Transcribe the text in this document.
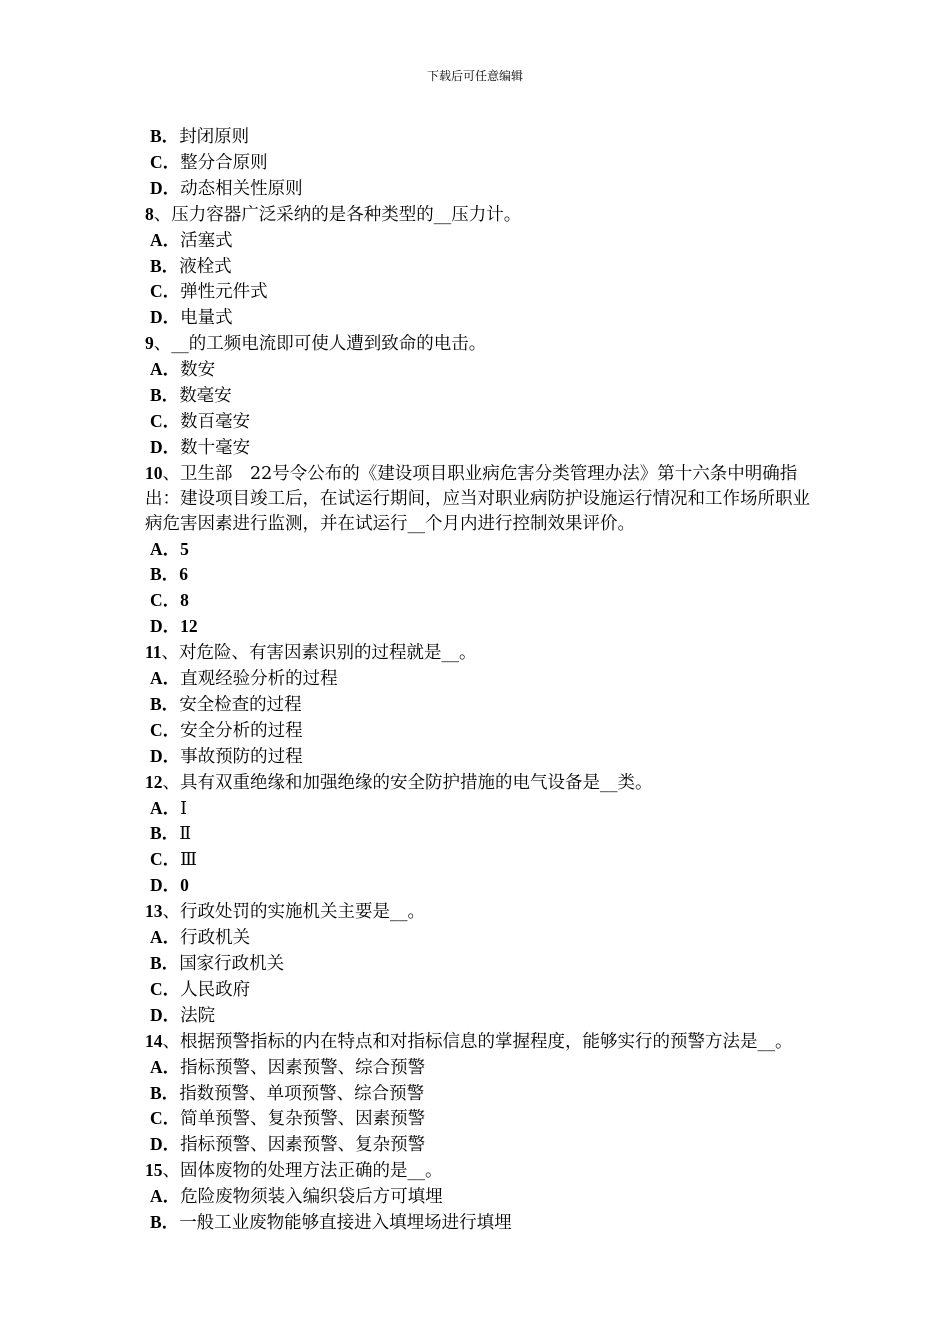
下载后可任意编辑
B．封闭原则
C．整分合原则
D．动态相关性原则
8、压力容器广泛采纳的是各种类型的__压力计。
A．活塞式
B．液栓式
C．弹性元件式
D．电量式
9、__的工频电流即可使人遭到致命的电击。
A．数安
B．数毫安
C．数百毫安
D．数十毫安
10、卫生部　22号令公布的《建设项目职业病危害分类管理办法》第十六条中明确指出：建设项目竣工后，在试运行期间，应当对职业病防护设施运行情况和工作场所职业病危害因素进行监测，并在试运行__个月内进行控制效果评价。
A．5
B．6
C．8
D．12
11、对危险、有害因素识别的过程就是__。
A．直观经验分析的过程
B．安全检查的过程
C．安全分析的过程
D．事故预防的过程
12、具有双重绝缘和加强绝缘的安全防护措施的电气设备是__类。
A．Ⅰ
B．Ⅱ
C．Ⅲ
D．0
13、行政处罚的实施机关主要是__。
A．行政机关
B．国家行政机关
C．人民政府
D．法院
14、根据预警指标的内在特点和对指标信息的掌握程度，能够实行的预警方法是__。
A．指标预警、因素预警、综合预警
B．指数预警、单项预警、综合预警
C．简单预警、复杂预警、因素预警
D．指标预警、因素预警、复杂预警
15、固体废物的处理方法正确的是__。
A．危险废物须装入编织袋后方可填埋
B．一般工业废物能够直接进入填埋场进行填埋
